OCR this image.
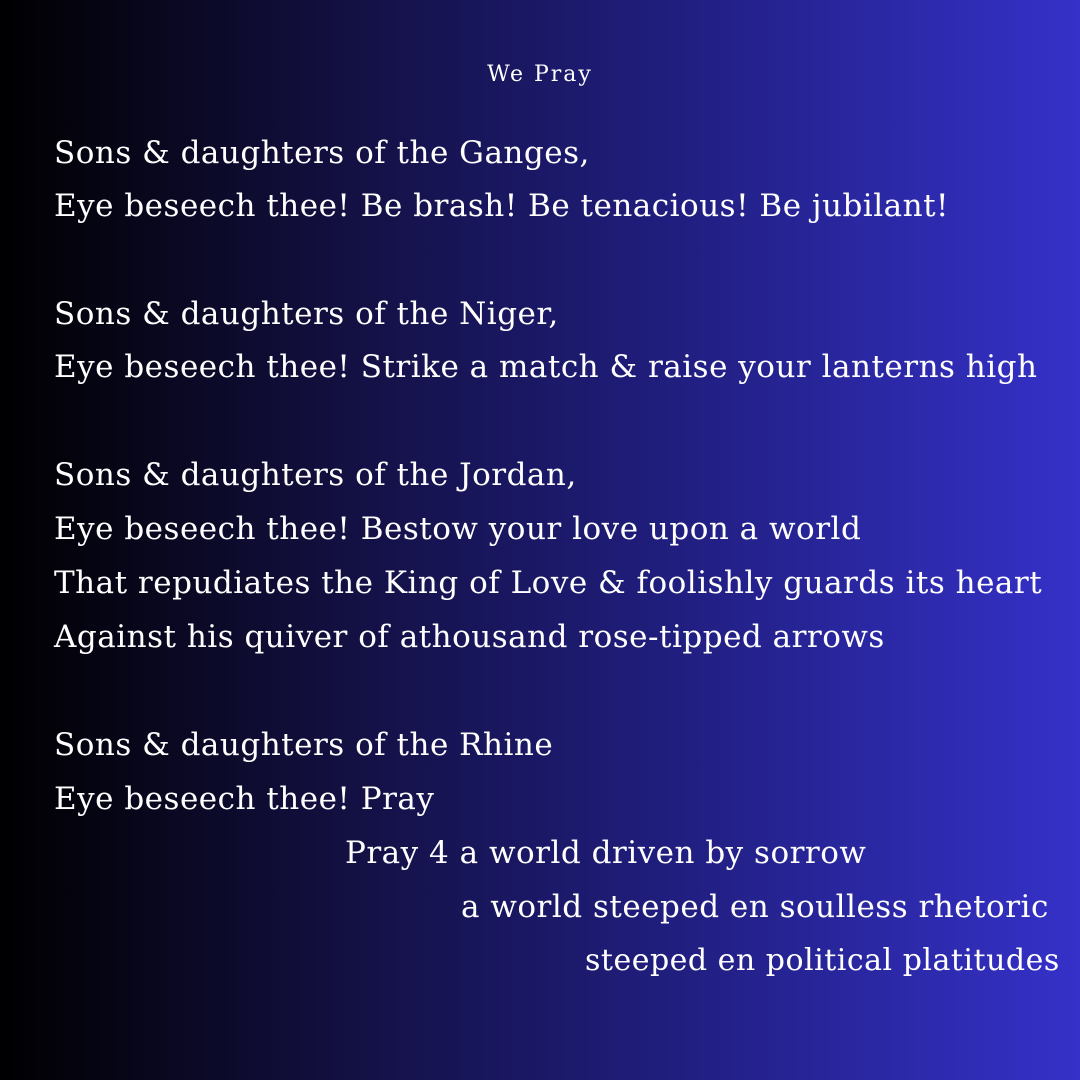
We Pray
Sons & daughters of the Ganges,
Eye beseech thee! Be brash! Be tenacious! Be jubilant!
Sons & daughters of the Niger,
Eye beseech thee! Strike a match & raise your lanterns high
Sons & daughters of the Jordan,
Eye beseech thee! Bestow your love upon a world
That repudiates the King of Love & foolishly guards its heart
Against his quiver of athousand rose-tipped arrows
Sons & daughters of the Rhine
Eye beseech thee! Pray
Pray 4 a world driven by sorrow
a world steeped en soulless rhetoric
steeped en political platitudes
